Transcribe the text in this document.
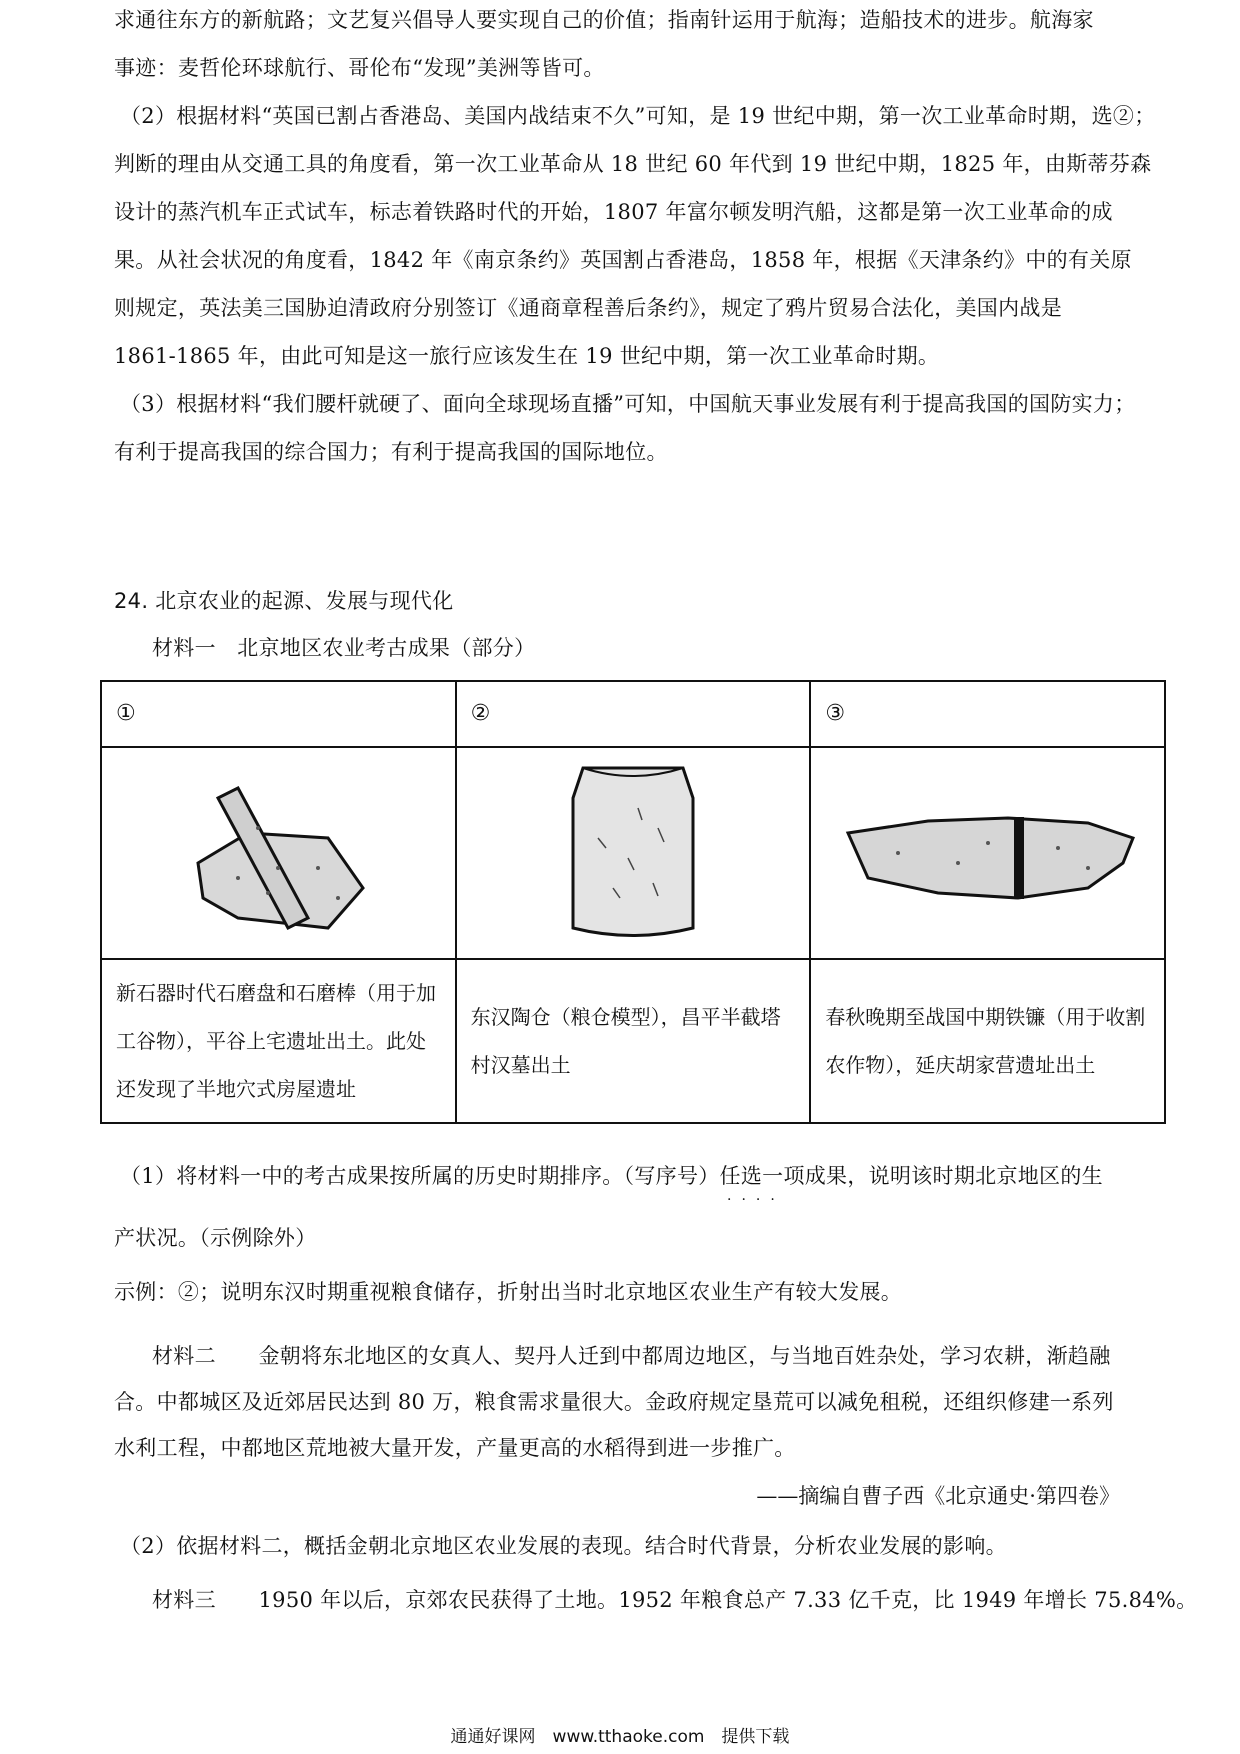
求通往东方的新航路；文艺复兴倡导人要实现自己的价值；指南针运用于航海；造船技术的进步。航海家
事迹：麦哲伦环球航行、哥伦布“发现”美洲等皆可。
（2）根据材料“英国已割占香港岛、美国内战结束不久”可知，是 19 世纪中期，第一次工业革命时期，选②；
判断的理由从交通工具的角度看，第一次工业革命从 18 世纪 60 年代到 19 世纪中期，1825 年，由斯蒂芬森
设计的蒸汽机车正式试车，标志着铁路时代的开始，1807 年富尔顿发明汽船，这都是第一次工业革命的成
果。从社会状况的角度看，1842 年《南京条约》英国割占香港岛，1858 年，根据《天津条约》中的有关原
则规定，英法美三国胁迫清政府分别签订《通商章程善后条约》，规定了鸦片贸易合法化，美国内战是
1861-1865 年，由此可知是这一旅行应该发生在 19 世纪中期，第一次工业革命时期。
（3）根据材料“我们腰杆就硬了、面向全球现场直播”可知，中国航天事业发展有利于提高我国的国防实力；
有利于提高我国的综合国力；有利于提高我国的国际地位。
24. 北京农业的起源、发展与现代化
材料一　北京地区农业考古成果（部分）
①	②	③

新石器时代石磨盘和石磨棒（用于加工谷物），平谷上宅遗址出土。此处还发现了半地穴式房屋遗址	东汉陶仓（粮仓模型），昌平半截塔村汉墓出土	春秋晚期至战国中期铁镰（用于收割农作物），延庆胡家营遗址出土
（1）将材料一中的考古成果按所属的历史时期排序。（写序号）任选一项成果，说明该时期北京地区的生
····
产状况。（示例除外）
示例：②；说明东汉时期重视粮食储存，折射出当时北京地区农业生产有较大发展。
材料二　　金朝将东北地区的女真人、契丹人迁到中都周边地区，与当地百姓杂处，学习农耕，渐趋融
合。中都城区及近郊居民达到 80 万，粮食需求量很大。金政府规定垦荒可以减免租税，还组织修建一系列
水利工程，中都地区荒地被大量开发，产量更高的水稻得到进一步推广。
——摘编自曹子西《北京通史·第四卷》
（2）依据材料二，概括金朝北京地区农业发展的表现。结合时代背景，分析农业发展的影响。
材料三　　1950 年以后，京郊农民获得了土地。1952 年粮食总产 7.33 亿千克，比 1949 年增长 75.84%。
通通好课网　www.tthaoke.com　提供下载
